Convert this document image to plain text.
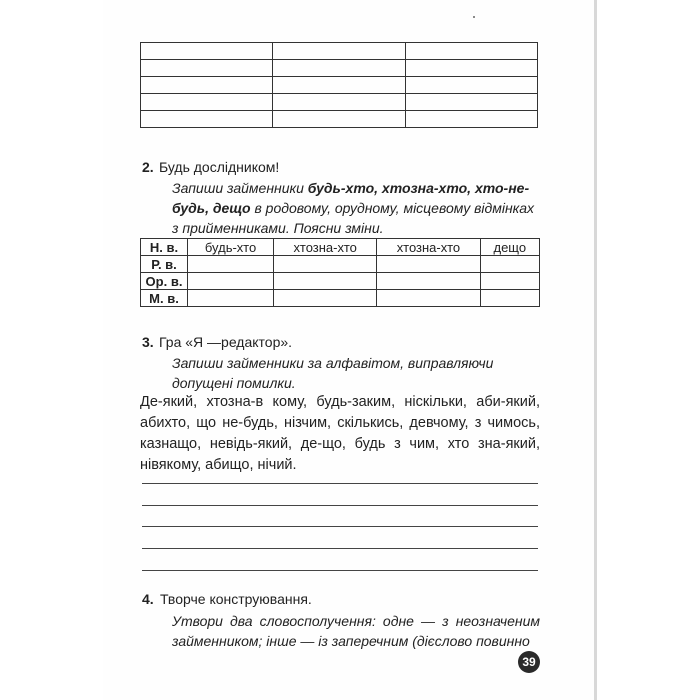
2. Будь дослідником!

Запиши займенники будь-хто, хтозна-хто, хто-не-будь, дещо в родовому, орудному, місцевому відмінках з прийменниками. Поясни зміни.

Н. в.	будь-хто	хтозна-хто	хтозна-хто	дещо
Р. в.				
Ор. в.				
М. в.				
3. Гра «Я —редактор».

Запиши займенники за алфавітом, виправляючи допущені помилки.

Де-який, хтозна-в кому, будь-заким, ніскільки, аби-який, абихто, що не-будь, нізчим, скількись, девчому, з чимось, казнащо, невідь-який, де-що, будь з чим, хто зна-який, нівякому, абищо, нічий.

4. Творче конструювання.

Утвори два словосполучення: одне — з неозначеним займенником; інше — із заперечним (дієслово повинно

39
